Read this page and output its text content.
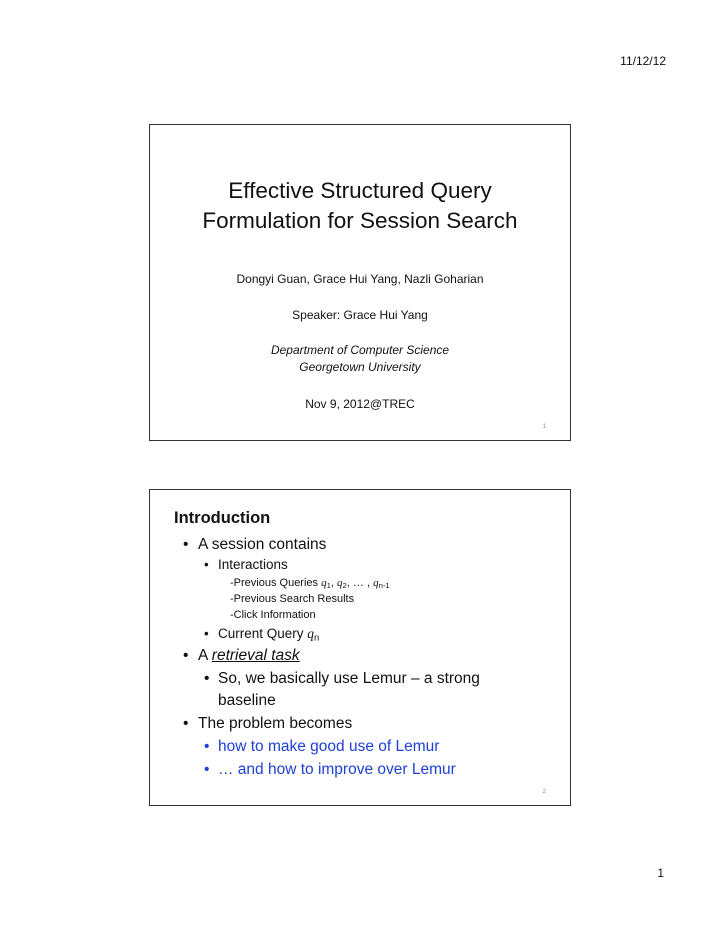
11/12/12
Effective Structured Query
Formulation for Session Search
Dongyi Guan, Grace Hui Yang, Nazli Goharian
Speaker: Grace Hui Yang
Department of Computer Science
Georgetown University
Nov 9, 2012@TREC
1
Introduction
• A session contains
• Interactions
-Previous Queries $q_1$, $q_2$, … , $q_{n-1}$
-Previous Search Results
-Click Information
• Current Query $q_n$
• A retrieval task
• So, we basically use Lemur – a strong
baseline
• The problem becomes
• how to make good use of Lemur
• … and how to improve over Lemur
2
1
